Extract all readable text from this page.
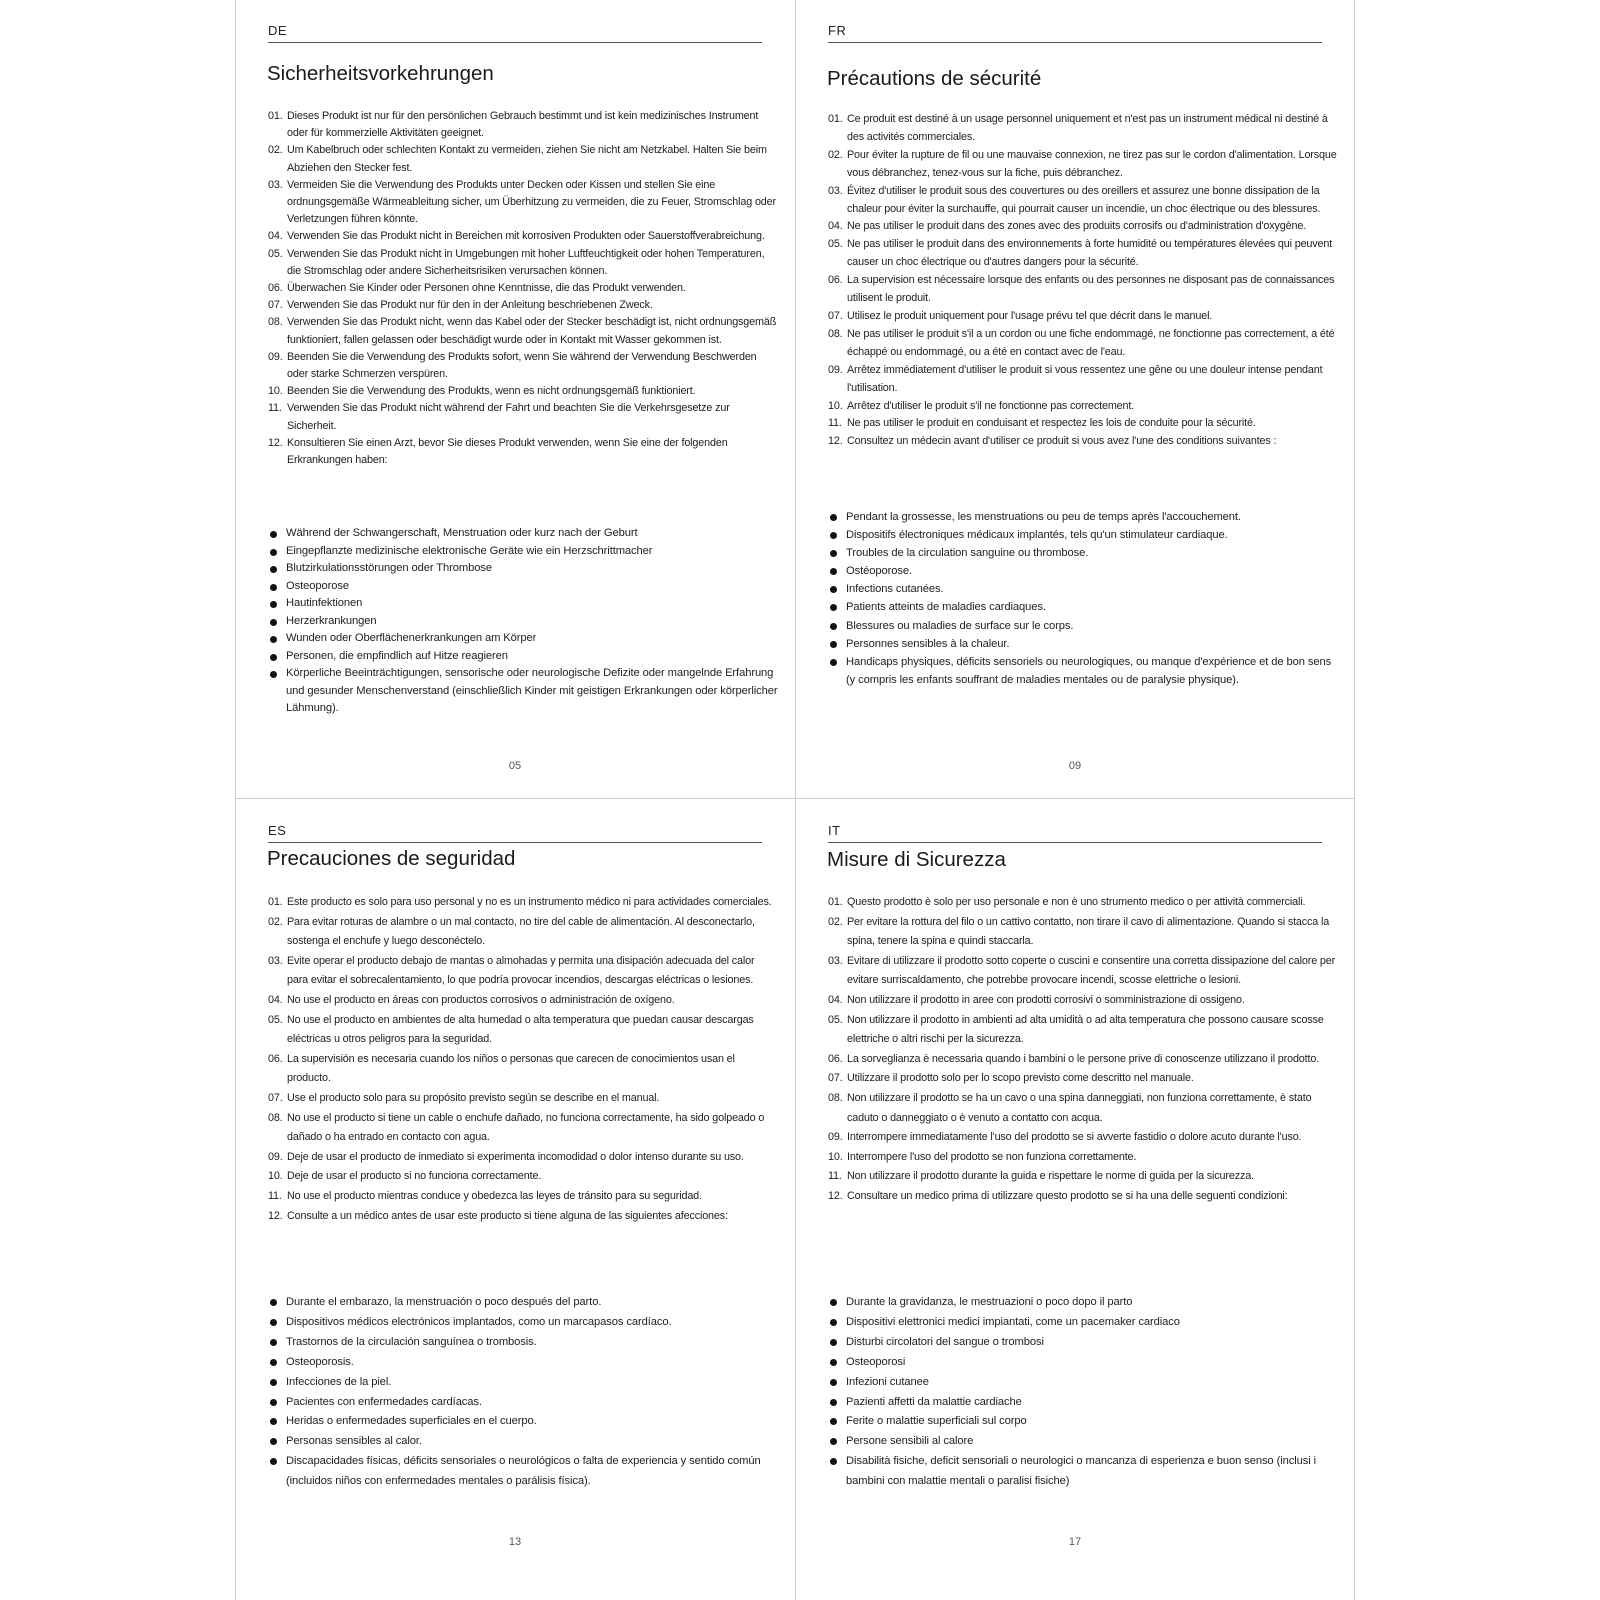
DE
Sicherheitsvorkehrungen
01. Dieses Produkt ist nur für den persönlichen Gebrauch bestimmt und ist kein medizinisches Instrument oder für kommerzielle Aktivitäten geeignet.
02. Um Kabelbruch oder schlechten Kontakt zu vermeiden, ziehen Sie nicht am Netzkabel. Halten Sie beim Abziehen den Stecker fest.
03. Vermeiden Sie die Verwendung des Produkts unter Decken oder Kissen und stellen Sie eine ordnungsgemäße Wärmeableitung sicher, um Überhitzung zu vermeiden, die zu Feuer, Stromschlag oder Verletzungen führen könnte.
04. Verwenden Sie das Produkt nicht in Bereichen mit korrosiven Produkten oder Sauerstoffverabreichung.
05. Verwenden Sie das Produkt nicht in Umgebungen mit hoher Luftfeuchtigkeit oder hohen Temperaturen, die Stromschlag oder andere Sicherheitsrisiken verursachen können.
06. Überwachen Sie Kinder oder Personen ohne Kenntnisse, die das Produkt verwenden.
07. Verwenden Sie das Produkt nur für den in der Anleitung beschriebenen Zweck.
08. Verwenden Sie das Produkt nicht, wenn das Kabel oder der Stecker beschädigt ist, nicht ordnungsgemäß funktioniert, fallen gelassen oder beschädigt wurde oder in Kontakt mit Wasser gekommen ist.
09. Beenden Sie die Verwendung des Produkts sofort, wenn Sie während der Verwendung Beschwerden oder starke Schmerzen verspüren.
10. Beenden Sie die Verwendung des Produkts, wenn es nicht ordnungsgemäß funktioniert.
11. Verwenden Sie das Produkt nicht während der Fahrt und beachten Sie die Verkehrsgesetze zur Sicherheit.
12. Konsultieren Sie einen Arzt, bevor Sie dieses Produkt verwenden, wenn Sie eine der folgenden Erkrankungen haben:
Während der Schwangerschaft, Menstruation oder kurz nach der Geburt
Eingepflanzte medizinische elektronische Geräte wie ein Herzschrittmacher
Blutzirkulationsstörungen oder Thrombose
Osteoporose
Hautinfektionen
Herzerkrankungen
Wunden oder Oberflächenerkrankungen am Körper
Personen, die empfindlich auf Hitze reagieren
Körperliche Beeinträchtigungen, sensorische oder neurologische Defizite oder mangelnde Erfahrung und gesunder Menschenverstand (einschließlich Kinder mit geistigen Erkrankungen oder körperlicher Lähmung).
05
FR
Précautions de sécurité
01. Ce produit est destiné à un usage personnel uniquement et n'est pas un instrument médical ni destiné à des activités commerciales.
02. Pour éviter la rupture de fil ou une mauvaise connexion, ne tirez pas sur le cordon d'alimentation. Lorsque vous débranchez, tenez-vous sur la fiche, puis débranchez.
03. Évitez d'utiliser le produit sous des couvertures ou des oreillers et assurez une bonne dissipation de la chaleur pour éviter la surchauffe, qui pourrait causer un incendie, un choc électrique ou des blessures.
04. Ne pas utiliser le produit dans des zones avec des produits corrosifs ou d'administration d'oxygène.
05. Ne pas utiliser le produit dans des environnements à forte humidité ou températures élevées qui peuvent causer un choc électrique ou d'autres dangers pour la sécurité.
06. La supervision est nécessaire lorsque des enfants ou des personnes ne disposant pas de connaissances utilisent le produit.
07. Utilisez le produit uniquement pour l'usage prévu tel que décrit dans le manuel.
08. Ne pas utiliser le produit s'il a un cordon ou une fiche endommagé, ne fonctionne pas correctement, a été échappé ou endommagé, ou a été en contact avec de l'eau.
09. Arrêtez immédiatement d'utiliser le produit si vous ressentez une gêne ou une douleur intense pendant l'utilisation.
10. Arrêtez d'utiliser le produit s'il ne fonctionne pas correctement.
11. Ne pas utiliser le produit en conduisant et respectez les lois de conduite pour la sécurité.
12. Consultez un médecin avant d'utiliser ce produit si vous avez l'une des conditions suivantes :
Pendant la grossesse, les menstruations ou peu de temps après l'accouchement.
Dispositifs électroniques médicaux implantés, tels qu'un stimulateur cardiaque.
Troubles de la circulation sanguine ou thrombose.
Ostéoporose.
Infections cutanées.
Patients atteints de maladies cardiaques.
Blessures ou maladies de surface sur le corps.
Personnes sensibles à la chaleur.
Handicaps physiques, déficits sensoriels ou neurologiques, ou manque d'expérience et de bon sens (y compris les enfants souffrant de maladies mentales ou de paralysie physique).
09
ES
Precauciones de seguridad
01. Este producto es solo para uso personal y no es un instrumento médico ni para actividades comerciales.
02. Para evitar roturas de alambre o un mal contacto, no tire del cable de alimentación. Al desconectarlo, sostenga el enchufe y luego desconéctelo.
03. Evite operar el producto debajo de mantas o almohadas y permita una disipación adecuada del calor para evitar el sobrecalentamiento, lo que podría provocar incendios, descargas eléctricas o lesiones.
04. No use el producto en áreas con productos corrosivos o administración de oxígeno.
05. No use el producto en ambientes de alta humedad o alta temperatura que puedan causar descargas eléctricas u otros peligros para la seguridad.
06. La supervisión es necesaria cuando los niños o personas que carecen de conocimientos usan el producto.
07. Use el producto solo para su propósito previsto según se describe en el manual.
08. No use el producto si tiene un cable o enchufe dañado, no funciona correctamente, ha sido golpeado o dañado o ha entrado en contacto con agua.
09. Deje de usar el producto de inmediato si experimenta incomodidad o dolor intenso durante su uso.
10. Deje de usar el producto si no funciona correctamente.
11. No use el producto mientras conduce y obedezca las leyes de tránsito para su seguridad.
12. Consulte a un médico antes de usar este producto si tiene alguna de las siguientes afecciones:
Durante el embarazo, la menstruación o poco después del parto.
Dispositivos médicos electrónicos implantados, como un marcapasos cardíaco.
Trastornos de la circulación sanguínea o trombosis.
Osteoporosis.
Infecciones de la piel.
Pacientes con enfermedades cardíacas.
Heridas o enfermedades superficiales en el cuerpo.
Personas sensibles al calor.
Discapacidades físicas, déficits sensoriales o neurológicos o falta de experiencia y sentido común (incluidos niños con enfermedades mentales o parálisis física).
13
IT
Misure di Sicurezza
01. Questo prodotto è solo per uso personale e non è uno strumento medico o per attività commerciali.
02. Per evitare la rottura del filo o un cattivo contatto, non tirare il cavo di alimentazione. Quando si stacca la spina, tenere la spina e quindi staccarla.
03. Evitare di utilizzare il prodotto sotto coperte o cuscini e consentire una corretta dissipazione del calore per evitare surriscaldamento, che potrebbe provocare incendi, scosse elettriche o lesioni.
04. Non utilizzare il prodotto in aree con prodotti corrosivi o somministrazione di ossigeno.
05. Non utilizzare il prodotto in ambienti ad alta umidità o ad alta temperatura che possono causare scosse elettriche o altri rischi per la sicurezza.
06. La sorveglianza è necessaria quando i bambini o le persone prive di conoscenze utilizzano il prodotto.
07. Utilizzare il prodotto solo per lo scopo previsto come descritto nel manuale.
08. Non utilizzare il prodotto se ha un cavo o una spina danneggiati, non funziona correttamente, è stato caduto o danneggiato o è venuto a contatto con acqua.
09. Interrompere immediatamente l'uso del prodotto se si avverte fastidio o dolore acuto durante l'uso.
10. Interrompere l'uso del prodotto se non funziona correttamente.
11. Non utilizzare il prodotto durante la guida e rispettare le norme di guida per la sicurezza.
12. Consultare un medico prima di utilizzare questo prodotto se si ha una delle seguenti condizioni:
Durante la gravidanza, le mestruazioni o poco dopo il parto
Dispositivi elettronici medici impiantati, come un pacemaker cardiaco
Disturbi circolatori del sangue o trombosi
Osteoporosi
Infezioni cutanee
Pazienti affetti da malattie cardiache
Ferite o malattie superficiali sul corpo
Persone sensibili al calore
Disabilità fisiche, deficit sensoriali o neurologici o mancanza di esperienza e buon senso (inclusi i bambini con malattie mentali o paralisi fisiche)
17
